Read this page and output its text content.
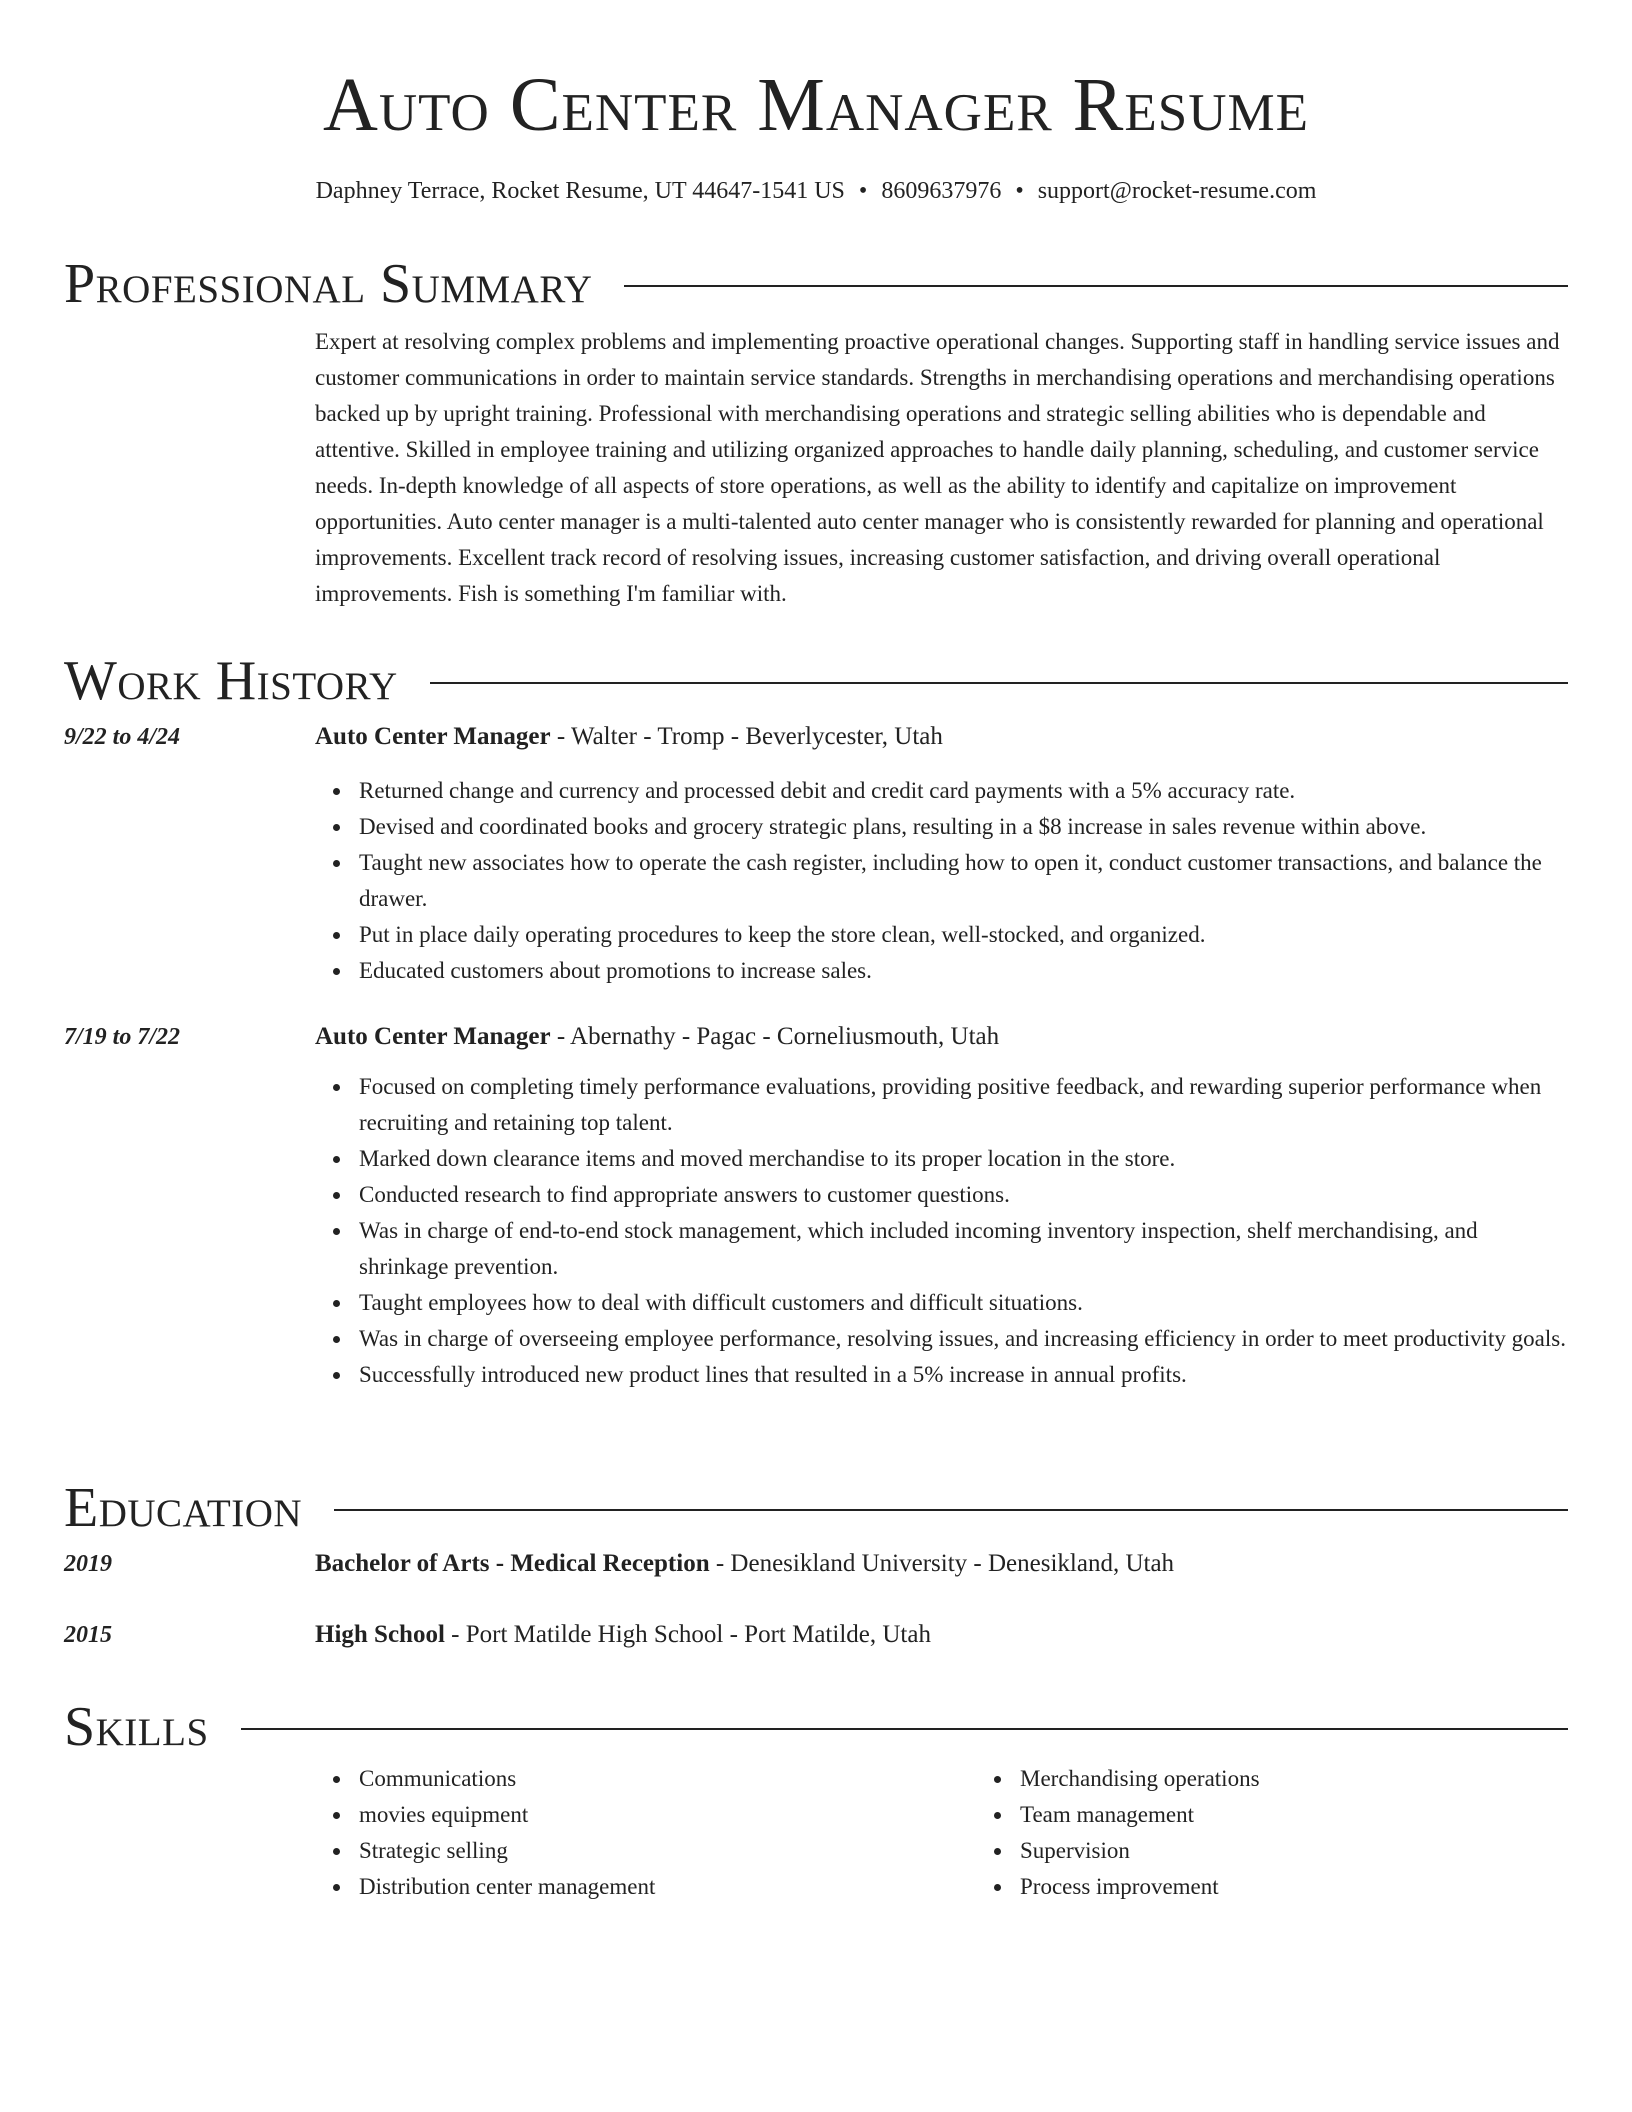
Auto Center Manager Resume

Daphney Terrace, Rocket Resume, UT 44647-1541 US • 8609637976 • support@rocket-resume.com

Professional Summary
Expert at resolving complex problems and implementing proactive operational changes. Supporting staff in handling service issues and customer communications in order to maintain service standards. Strengths in merchandising operations and merchandising operations backed up by upright training. Professional with merchandising operations and strategic selling abilities who is dependable and attentive. Skilled in employee training and utilizing organized approaches to handle daily planning, scheduling, and customer service needs. In-depth knowledge of all aspects of store operations, as well as the ability to identify and capitalize on improvement opportunities. Auto center manager is a multi-talented auto center manager who is consistently rewarded for planning and operational improvements. Excellent track record of resolving issues, increasing customer satisfaction, and driving overall operational improvements. Fish is something I'm familiar with.
Work History
9/22 to 4/24	Auto Center Manager - Walter - Tromp - Beverlycester, Utah
Returned change and currency and processed debit and credit card payments with a 5% accuracy rate.
Devised and coordinated books and grocery strategic plans, resulting in a $8 increase in sales revenue within above.
Taught new associates how to operate the cash register, including how to open it, conduct customer transactions, and balance the drawer.
Put in place daily operating procedures to keep the store clean, well-stocked, and organized.
Educated customers about promotions to increase sales.
7/19 to 7/22	Auto Center Manager - Abernathy - Pagac - Corneliusmouth, Utah
Focused on completing timely performance evaluations, providing positive feedback, and rewarding superior performance when recruiting and retaining top talent.
Marked down clearance items and moved merchandise to its proper location in the store.
Conducted research to find appropriate answers to customer questions.
Was in charge of end-to-end stock management, which included incoming inventory inspection, shelf merchandising, and shrinkage prevention.
Taught employees how to deal with difficult customers and difficult situations.
Was in charge of overseeing employee performance, resolving issues, and increasing efficiency in order to meet productivity goals.
Successfully introduced new product lines that resulted in a 5% increase in annual profits.
Education
2019	Bachelor of Arts - Medical Reception - Denesikland University - Denesikland, Utah
2015	High School - Port Matilde High School - Port Matilde, Utah
Skills
Communications
movies equipment
Strategic selling
Distribution center management
Merchandising operations
Team management
Supervision
Process improvement
